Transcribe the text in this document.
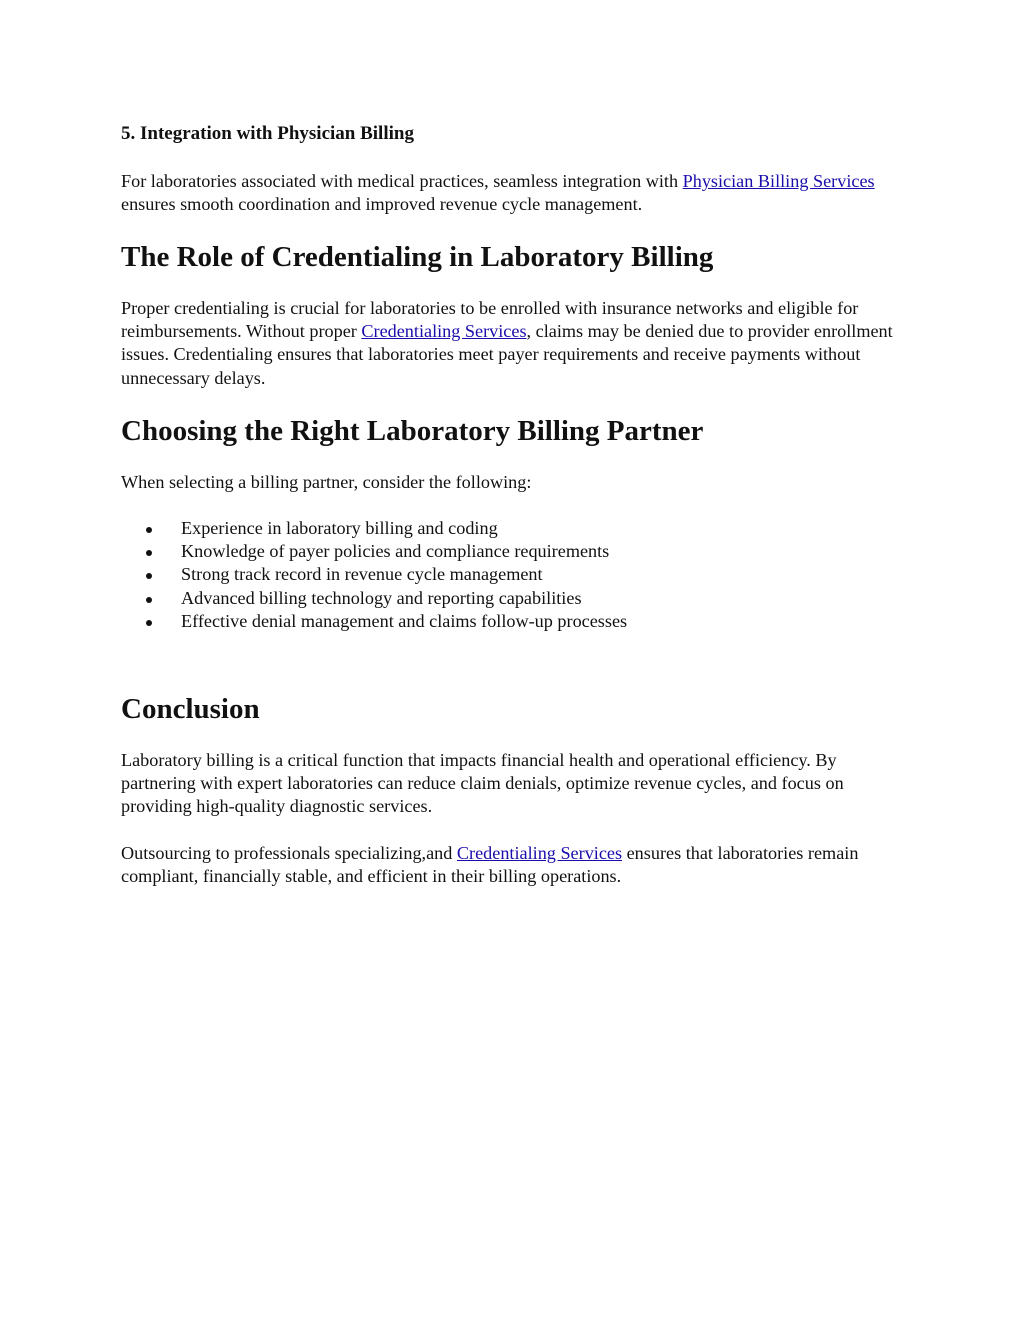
5. Integration with Physician Billing

For laboratories associated with medical practices, seamless integration with Physician Billing Services ensures smooth coordination and improved revenue cycle management.

The Role of Credentialing in Laboratory Billing

Proper credentialing is crucial for laboratories to be enrolled with insurance networks and eligible for reimbursements. Without proper Credentialing Services, claims may be denied due to provider enrollment issues. Credentialing ensures that laboratories meet payer requirements and receive payments without unnecessary delays.

Choosing the Right Laboratory Billing Partner

When selecting a billing partner, consider the following:

Experience in laboratory billing and coding
Knowledge of payer policies and compliance requirements
Strong track record in revenue cycle management
Advanced billing technology and reporting capabilities
Effective denial management and claims follow-up processes
Conclusion

Laboratory billing is a critical function that impacts financial health and operational efficiency. By partnering with expert laboratories can reduce claim denials, optimize revenue cycles, and focus on providing high-quality diagnostic services.

Outsourcing to professionals specializing,and Credentialing Services ensures that laboratories remain compliant, financially stable, and efficient in their billing operations.
